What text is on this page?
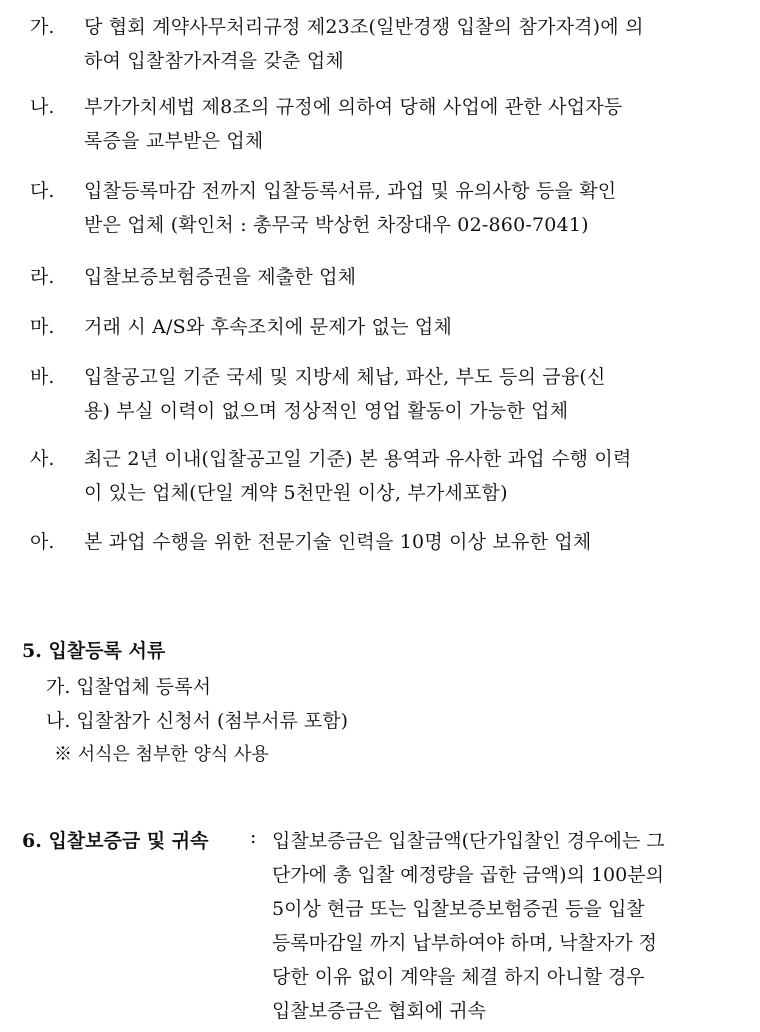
가. 당 협회 계약사무처리규정 제23조(일반경쟁 입찰의 참가자격)에 의
하여 입찰참가자격을 갖춘 업체
나. 부가가치세법 제8조의 규정에 의하여 당해 사업에 관한 사업자등
록증을 교부받은 업체
다. 입찰등록마감 전까지 입찰등록서류, 과업 및 유의사항 등을 확인
받은 업체 (확인처 : 총무국 박상헌 차장대우 02-860-7041)
라. 입찰보증보험증권을 제출한 업체
마. 거래 시 A/S와 후속조치에 문제가 없는 업체
바. 입찰공고일 기준 국세 및 지방세 체납, 파산, 부도 등의 금융(신
용) 부실 이력이 없으며 정상적인 영업 활동이 가능한 업체
사. 최근 2년 이내(입찰공고일 기준) 본 용역과 유사한 과업 수행 이력
이 있는 업체(단일 계약 5천만원 이상, 부가세포함)
아. 본 과업 수행을 위한 전문기술 인력을 10명 이상 보유한 업체
5. 입찰등록 서류
가. 입찰업체 등록서
나. 입찰참가 신청서 (첨부서류 포함)
※ 서식은 첨부한 양식 사용
6. 입찰보증금 및 귀속 : 입찰보증금은 입찰금액(단가입찰인 경우에는 그
단가에 총 입찰 예정량을 곱한 금액)의 100분의
5이상 현금 또는 입찰보증보험증권 등을 입찰
등록마감일 까지 납부하여야 하며, 낙찰자가 정
당한 이유 없이 계약을 체결 하지 아니할 경우
입찰보증금은 협회에 귀속
